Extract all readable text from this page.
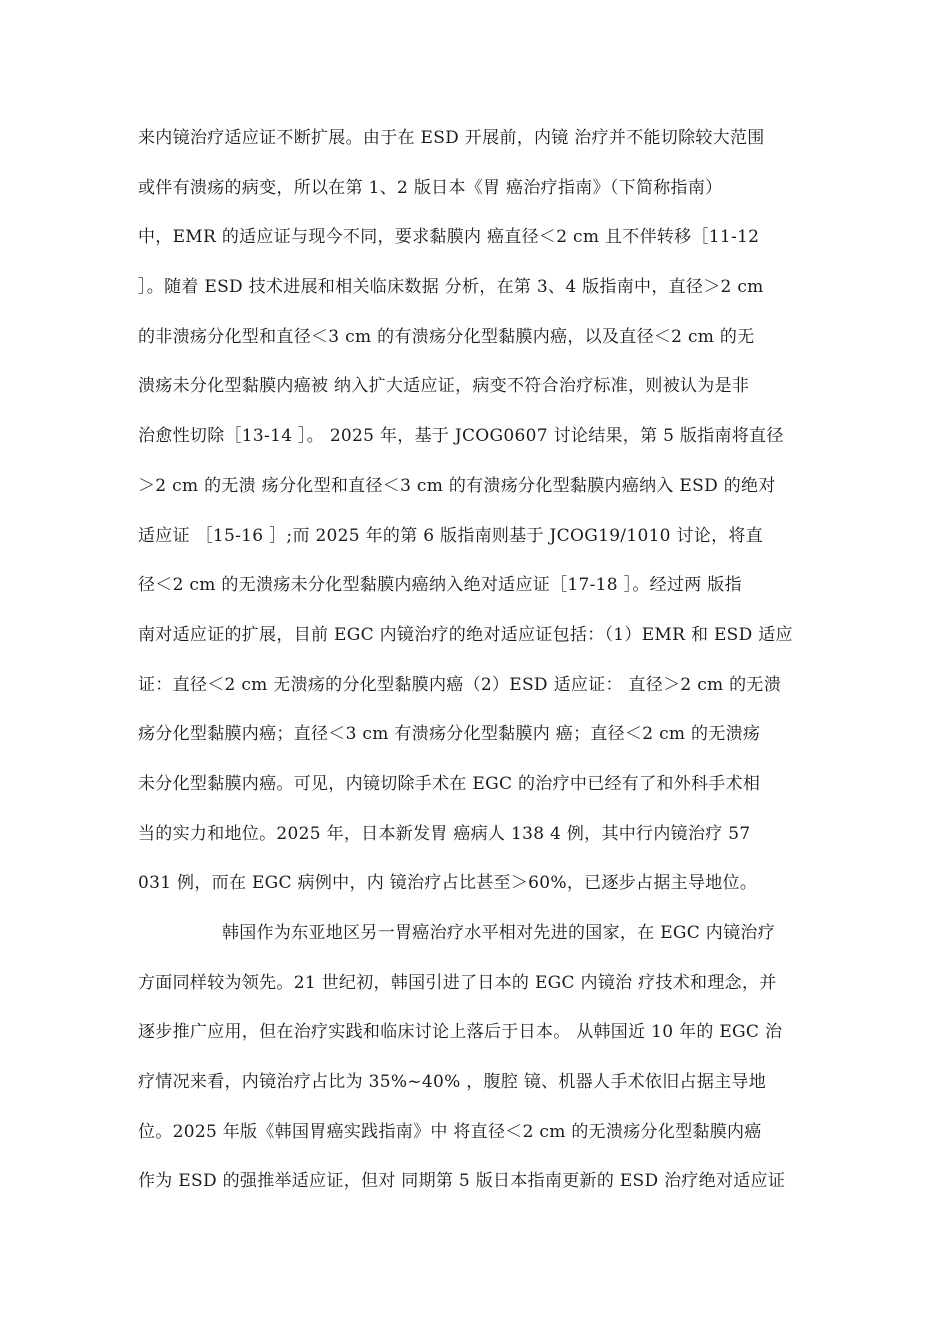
来内镜治疗适应证不断扩展。由于在 ESD 开展前，内镜 治疗并不能切除较大范围
或伴有溃疡的病变，所以在第 1、2 版日本《胃 癌治疗指南》（下简称指南）
中，EMR 的适应证与现今不同，要求黏膜内 癌直径＜2 cm 且不伴转移［11-12
］。随着 ESD 技术进展和相关临床数据 分析，在第 3、4 版指南中，直径＞2 cm
的非溃疡分化型和直径＜3 cm 的有溃疡分化型黏膜内癌，以及直径＜2 cm 的无
溃疡未分化型黏膜内癌被 纳入扩大适应证，病变不符合治疗标准，则被认为是非
治愈性切除［13-14 ］。 2025 年，基于 JCOG0607 讨论结果，第 5 版指南将直径
＞2 cm 的无溃 疡分化型和直径＜3 cm 的有溃疡分化型黏膜内癌纳入 ESD 的绝对
适应证 ［15-16 ］;而 2025 年的第 6 版指南则基于 JCOG19/1010 讨论，将直
径＜2 cm 的无溃疡未分化型黏膜内癌纳入绝对适应证［17-18 ］。经过两 版指
南对适应证的扩展，目前 EGC 内镜治疗的绝对适应证包括：（1）EMR 和 ESD 适应
证：直径＜2 cm 无溃疡的分化型黏膜内癌（2）ESD 适应证： 直径＞2 cm 的无溃
疡分化型黏膜内癌；直径＜3 cm 有溃疡分化型黏膜内 癌；直径＜2 cm 的无溃疡
未分化型黏膜内癌。可见，内镜切除手术在 EGC 的治疗中已经有了和外科手术相
当的实力和地位。2025 年，日本新发胃 癌病人 138 4 例，其中行内镜治疗 57
031 例，而在 EGC 病例中，内 镜治疗占比甚至＞60%，已逐步占据主导地位。
韩国作为东亚地区另一胃癌治疗水平相对先进的国家，在 EGC 内镜治疗
方面同样较为领先。21 世纪初，韩国引进了日本的 EGC 内镜治 疗技术和理念，并
逐步推广应用，但在治疗实践和临床讨论上落后于日本。 从韩国近 10 年的 EGC 治
疗情况来看，内镜治疗占比为 35%~40% ，腹腔 镜、机器人手术依旧占据主导地
位。2025 年版《韩国胃癌实践指南》中 将直径＜2 cm 的无溃疡分化型黏膜内癌
作为 ESD 的强推举适应证，但对 同期第 5 版日本指南更新的 ESD 治疗绝对适应证
